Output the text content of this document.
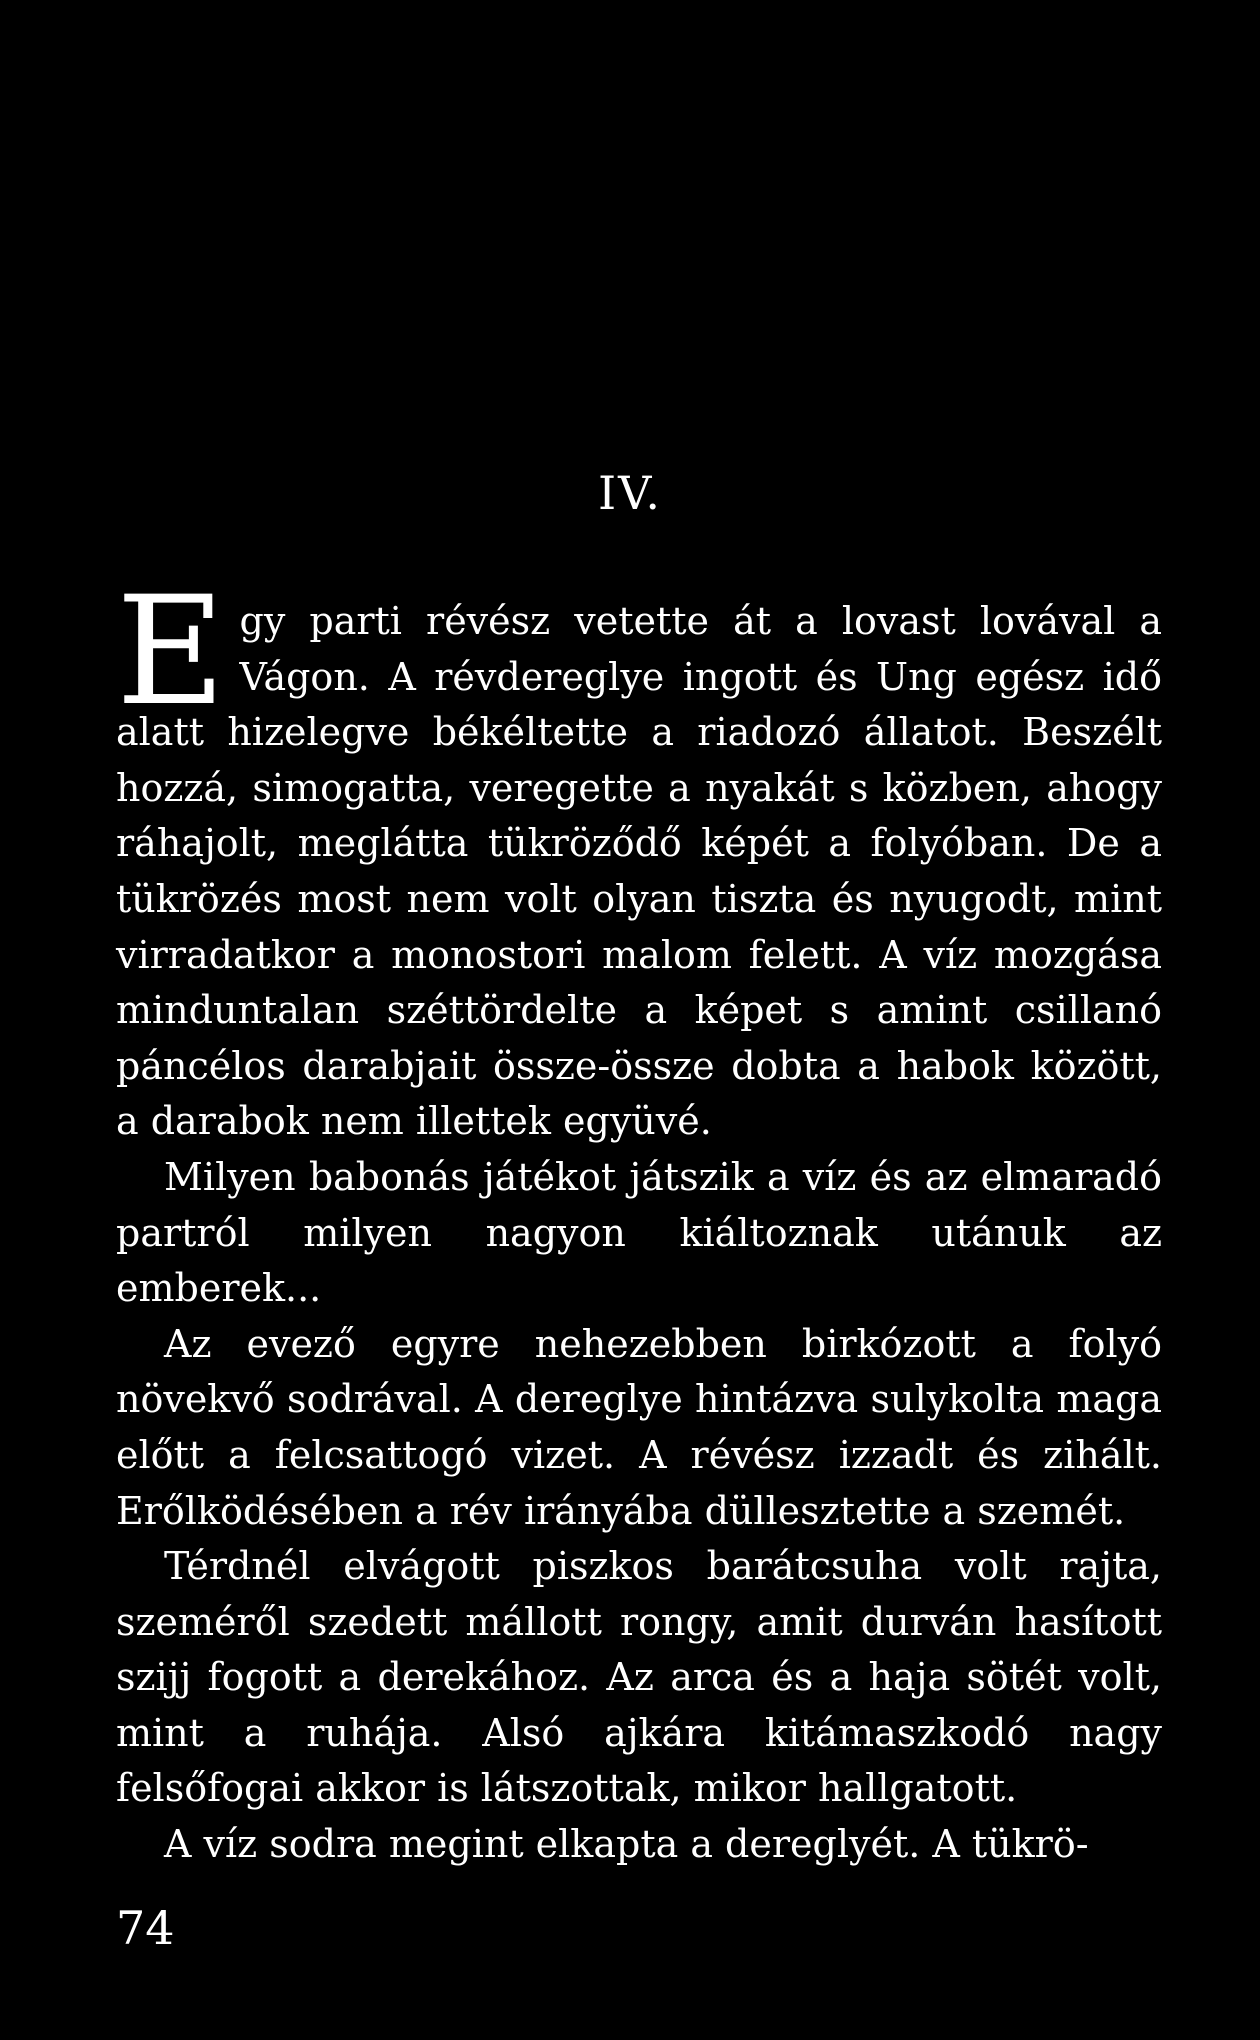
IV.

Egy parti révész vetette át a lovast lovával a Vágon. A révdereglye ingott és Ung egész idő alatt hizelegve békéltette a riadozó állatot. Beszélt hozzá, simogatta, veregette a nyakát s közben, ahogy ráhajolt, meglátta tükröződő képét a folyóban. De a tükrözés most nem volt olyan tiszta és nyugodt, mint virradatkor a monostori malom felett. A víz mozgása minduntalan széttördelte a képet s amint csillanó páncélos darabjait össze-össze dobta a habok között, a darabok nem illettek együvé.

Milyen babonás játékot játszik a víz és az elmaradó partról milyen nagyon kiáltoznak utánuk az emberek...

Az evező egyre nehezebben birkózott a folyó növekvő sodrával. A dereglye hintázva sulykolta maga előtt a felcsattogó vizet. A révész izzadt és zihált. Erőlködésében a rév irányába düllesztette a szemét.

Térdnél elvágott piszkos barátcsuha volt rajta, szeméről szedett mállott rongy, amit durván hasított szijj fogott a derekához. Az arca és a haja sötét volt, mint a ruhája. Alsó ajkára kitámaszkodó nagy felsőfogai akkor is látszottak, mikor hallgatott.

A víz sodra megint elkapta a dereglyét. A tükrö-

74
